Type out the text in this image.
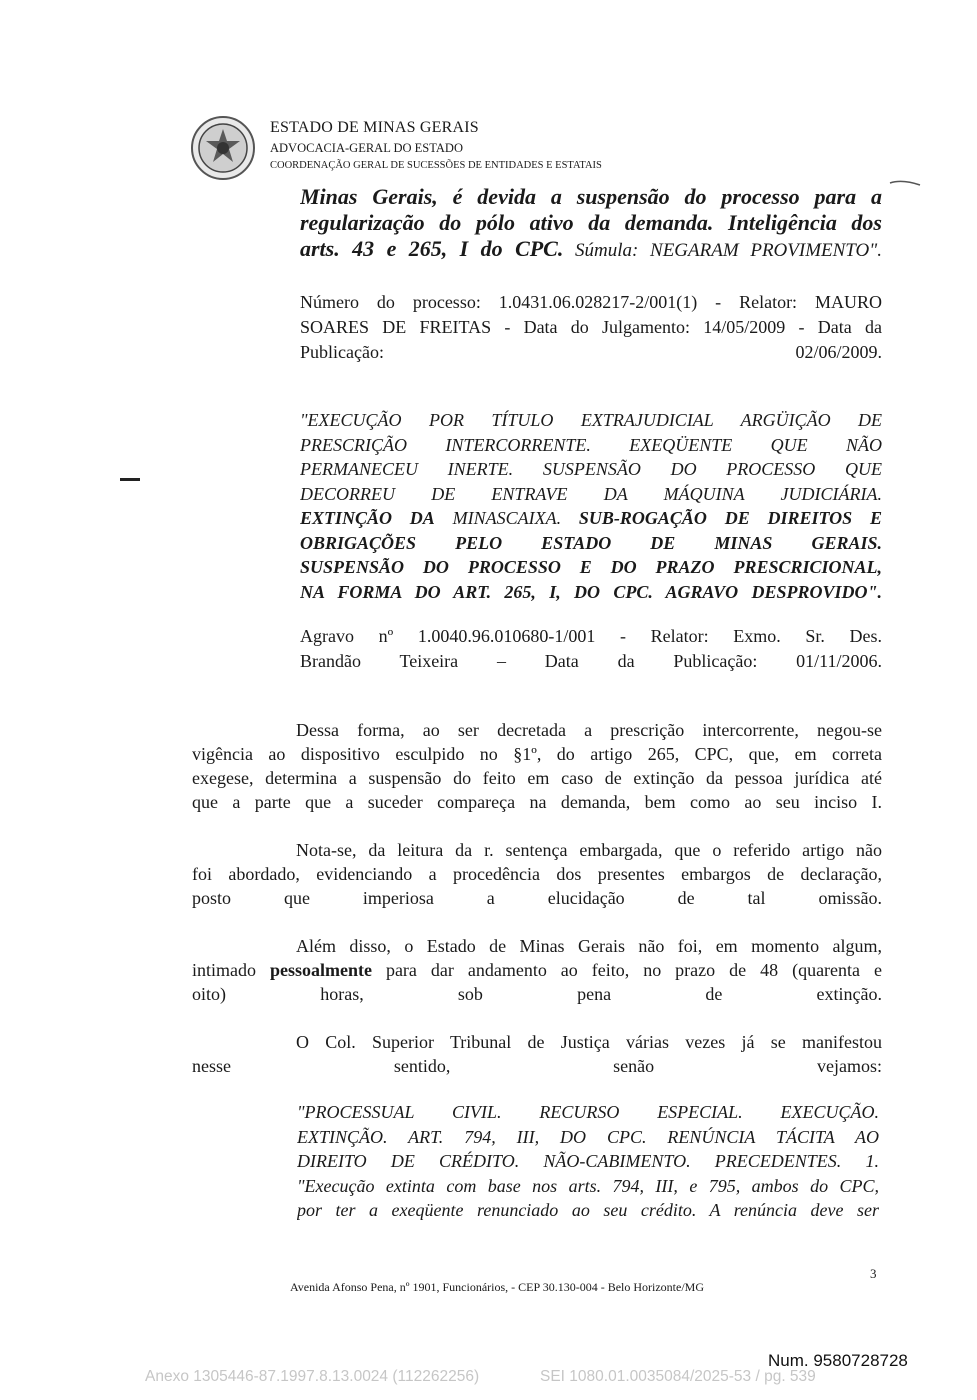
ESTADO DE MINAS GERAIS
ADVOCACIA-GERAL DO ESTADO
COORDENAÇÃO GERAL DE SUCESSÕES DE ENTIDADES E ESTATAIS	89
Minas Gerais, é devida a suspensão do processo para a
regularização do pólo ativo da demanda. Inteligência dos
arts. 43 e 265, I do CPC. Súmula: NEGARAM PROVIMENTO".
Número do processo: 1.0431.06.028217-2/001(1) - Relator: MAURO
SOARES DE FREITAS - Data do Julgamento: 14/05/2009 - Data da
Publicação: 02/06/2009.
"EXECUÇÃO POR TÍTULO EXTRAJUDICIAL ARGÜIÇÃO DE
PRESCRIÇÃO INTERCORRENTE. EXEQÜENTE QUE NÃO
PERMANECEU INERTE. SUSPENSÃO DO PROCESSO QUE
DECORREU DE ENTRAVE DA MÁQUINA JUDICIÁRIA.
EXTINÇÃO DA MINASCAIXA. SUB-ROGAÇÃO DE DIREITOS E
OBRIGAÇÕES PELO ESTADO DE MINAS GERAIS.
SUSPENSÃO DO PROCESSO E DO PRAZO PRESCRICIONAL,
NA FORMA DO ART. 265, I, DO CPC. AGRAVO DESPROVIDO".
Agravo nº 1.0040.96.010680-1/001 - Relator: Exmo. Sr. Des.
Brandão Teixeira – Data da Publicação: 01/11/2006.
Dessa forma, ao ser decretada a prescrição intercorrente, negou-se
vigência ao dispositivo esculpido no §1º, do artigo 265, CPC, que, em correta
exegese, determina a suspensão do feito em caso de extinção da pessoa jurídica até
que a parte que a suceder compareça na demanda, bem como ao seu inciso I.
Nota-se, da leitura da r. sentença embargada, que o referido artigo não
foi abordado, evidenciando a procedência dos presentes embargos de declaração,
posto que imperiosa a elucidação de tal omissão.
Além disso, o Estado de Minas Gerais não foi, em momento algum,
intimado pessoalmente para dar andamento ao feito, no prazo de 48 (quarenta e
oito) horas, sob pena de extinção.
O Col. Superior Tribunal de Justiça várias vezes já se manifestou
nesse sentido, senão vejamos:
"PROCESSUAL CIVIL. RECURSO ESPECIAL. EXECUÇÃO.
EXTINÇÃO. ART. 794, III, DO CPC. RENÚNCIA TÁCITA AO
DIREITO DE CRÉDITO. NÃO-CABIMENTO. PRECEDENTES. 1.
"Execução extinta com base nos arts. 794, III, e 795, ambos do CPC,
por ter a exeqüente renunciado ao seu crédito. A renúncia deve ser
3
Avenida Afonso Pena, nº 1901, Funcionários, - CEP 30.130-004 - Belo Horizonte/MG
Num. 9580728728
Anexo 1305446-87.1997.8.13.0024 (112262256)	SEI 1080.01.0035084/2025-53 / pg. 539
